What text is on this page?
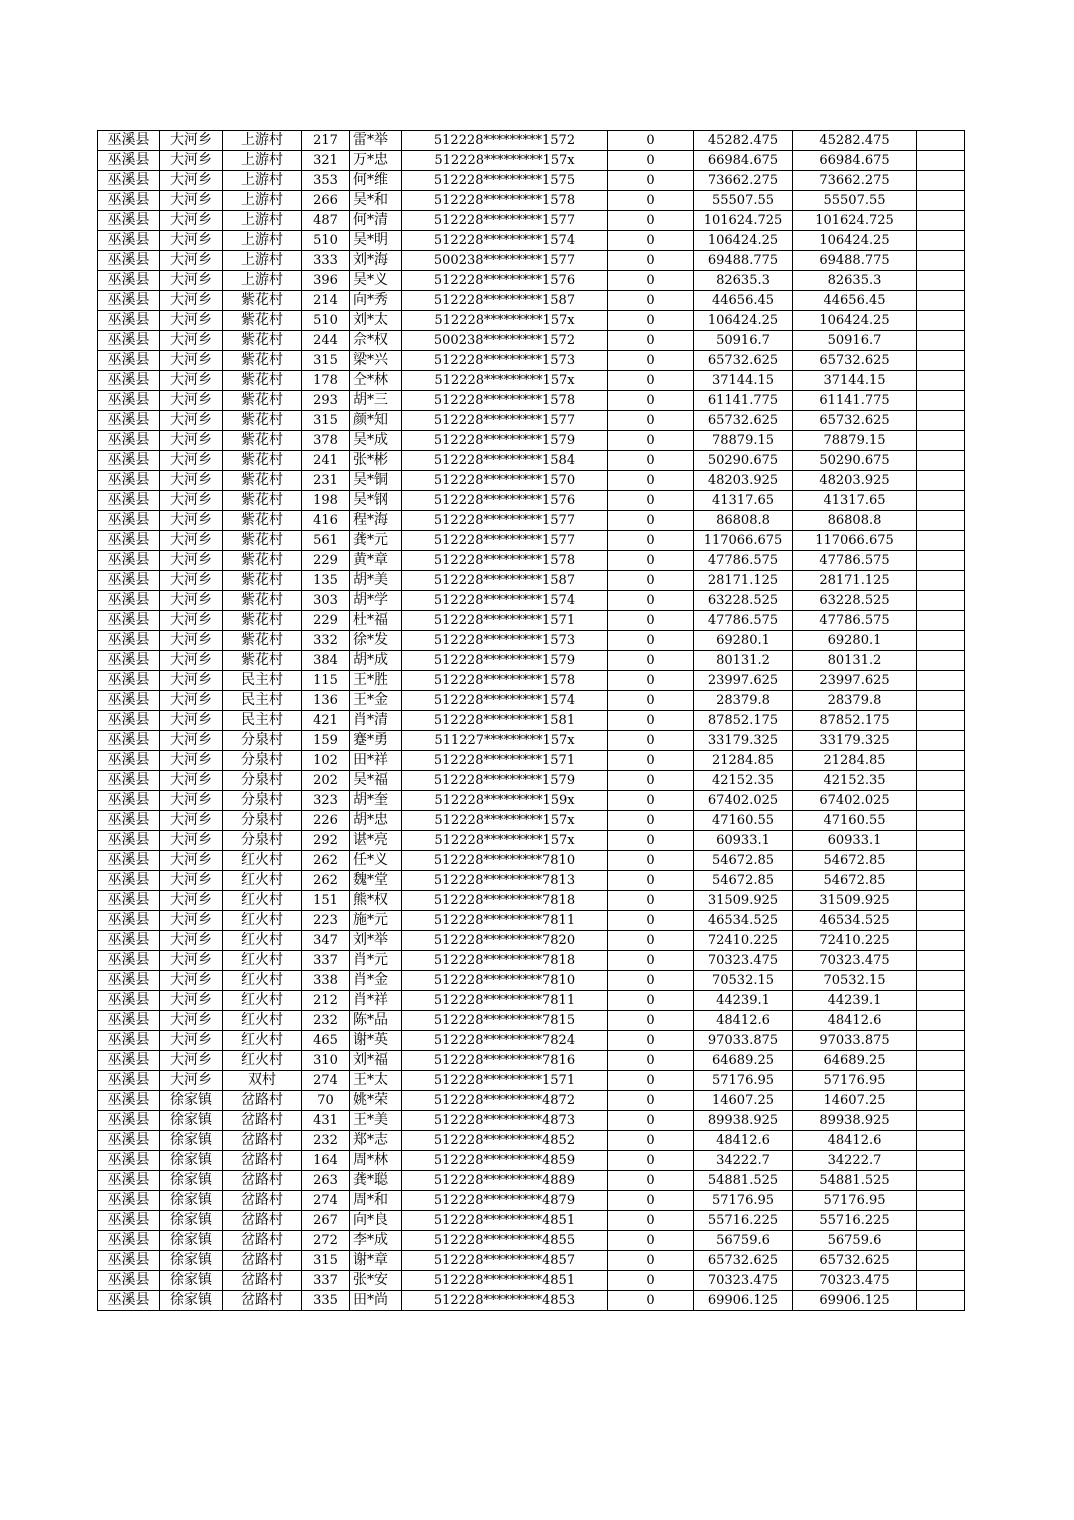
巫溪县	大河乡	上游村	217	雷*举	512228*********1572	0	45282.475	45282.475	
巫溪县	大河乡	上游村	321	万*忠	512228*********157x	0	66984.675	66984.675	
巫溪县	大河乡	上游村	353	何*维	512228*********1575	0	73662.275	73662.275	
巫溪县	大河乡	上游村	266	吴*和	512228*********1578	0	55507.55	55507.55	
巫溪县	大河乡	上游村	487	何*清	512228*********1577	0	101624.725	101624.725	
巫溪县	大河乡	上游村	510	吴*明	512228*********1574	0	106424.25	106424.25	
巫溪县	大河乡	上游村	333	刘*海	500238*********1577	0	69488.775	69488.775	
巫溪县	大河乡	上游村	396	吴*义	512228*********1576	0	82635.3	82635.3	
巫溪县	大河乡	紫花村	214	向*秀	512228*********1587	0	44656.45	44656.45	
巫溪县	大河乡	紫花村	510	刘*太	512228*********157x	0	106424.25	106424.25	
巫溪县	大河乡	紫花村	244	佘*权	500238*********1572	0	50916.7	50916.7	
巫溪县	大河乡	紫花村	315	梁*兴	512228*********1573	0	65732.625	65732.625	
巫溪县	大河乡	紫花村	178	仝*林	512228*********157x	0	37144.15	37144.15	
巫溪县	大河乡	紫花村	293	胡*三	512228*********1578	0	61141.775	61141.775	
巫溪县	大河乡	紫花村	315	颜*知	512228*********1577	0	65732.625	65732.625	
巫溪县	大河乡	紫花村	378	吴*成	512228*********1579	0	78879.15	78879.15	
巫溪县	大河乡	紫花村	241	张*彬	512228*********1584	0	50290.675	50290.675	
巫溪县	大河乡	紫花村	231	吴*铜	512228*********1570	0	48203.925	48203.925	
巫溪县	大河乡	紫花村	198	吴*钢	512228*********1576	0	41317.65	41317.65	
巫溪县	大河乡	紫花村	416	程*海	512228*********1577	0	86808.8	86808.8	
巫溪县	大河乡	紫花村	561	龚*元	512228*********1577	0	117066.675	117066.675	
巫溪县	大河乡	紫花村	229	黄*章	512228*********1578	0	47786.575	47786.575	
巫溪县	大河乡	紫花村	135	胡*美	512228*********1587	0	28171.125	28171.125	
巫溪县	大河乡	紫花村	303	胡*学	512228*********1574	0	63228.525	63228.525	
巫溪县	大河乡	紫花村	229	杜*福	512228*********1571	0	47786.575	47786.575	
巫溪县	大河乡	紫花村	332	徐*发	512228*********1573	0	69280.1	69280.1	
巫溪县	大河乡	紫花村	384	胡*成	512228*********1579	0	80131.2	80131.2	
巫溪县	大河乡	民主村	115	王*胜	512228*********1578	0	23997.625	23997.625	
巫溪县	大河乡	民主村	136	王*金	512228*********1574	0	28379.8	28379.8	
巫溪县	大河乡	民主村	421	肖*清	512228*********1581	0	87852.175	87852.175	
巫溪县	大河乡	分泉村	159	蹇*勇	511227*********157x	0	33179.325	33179.325	
巫溪县	大河乡	分泉村	102	田*祥	512228*********1571	0	21284.85	21284.85	
巫溪县	大河乡	分泉村	202	吴*福	512228*********1579	0	42152.35	42152.35	
巫溪县	大河乡	分泉村	323	胡*奎	512228*********159x	0	67402.025	67402.025	
巫溪县	大河乡	分泉村	226	胡*忠	512228*********157x	0	47160.55	47160.55	
巫溪县	大河乡	分泉村	292	谌*亮	512228*********157x	0	60933.1	60933.1	
巫溪县	大河乡	红火村	262	任*义	512228*********7810	0	54672.85	54672.85	
巫溪县	大河乡	红火村	262	魏*堂	512228*********7813	0	54672.85	54672.85	
巫溪县	大河乡	红火村	151	熊*权	512228*********7818	0	31509.925	31509.925	
巫溪县	大河乡	红火村	223	施*元	512228*********7811	0	46534.525	46534.525	
巫溪县	大河乡	红火村	347	刘*举	512228*********7820	0	72410.225	72410.225	
巫溪县	大河乡	红火村	337	肖*元	512228*********7818	0	70323.475	70323.475	
巫溪县	大河乡	红火村	338	肖*金	512228*********7810	0	70532.15	70532.15	
巫溪县	大河乡	红火村	212	肖*祥	512228*********7811	0	44239.1	44239.1	
巫溪县	大河乡	红火村	232	陈*品	512228*********7815	0	48412.6	48412.6	
巫溪县	大河乡	红火村	465	谢*英	512228*********7824	0	97033.875	97033.875	
巫溪县	大河乡	红火村	310	刘*福	512228*********7816	0	64689.25	64689.25	
巫溪县	大河乡	双村	274	王*太	512228*********1571	0	57176.95	57176.95	
巫溪县	徐家镇	岔路村	70	姚*荣	512228*********4872	0	14607.25	14607.25	
巫溪县	徐家镇	岔路村	431	王*美	512228*********4873	0	89938.925	89938.925	
巫溪县	徐家镇	岔路村	232	郑*志	512228*********4852	0	48412.6	48412.6	
巫溪县	徐家镇	岔路村	164	周*林	512228*********4859	0	34222.7	34222.7	
巫溪县	徐家镇	岔路村	263	龚*聪	512228*********4889	0	54881.525	54881.525	
巫溪县	徐家镇	岔路村	274	周*和	512228*********4879	0	57176.95	57176.95	
巫溪县	徐家镇	岔路村	267	向*良	512228*********4851	0	55716.225	55716.225	
巫溪县	徐家镇	岔路村	272	李*成	512228*********4855	0	56759.6	56759.6	
巫溪县	徐家镇	岔路村	315	谢*章	512228*********4857	0	65732.625	65732.625	
巫溪县	徐家镇	岔路村	337	张*安	512228*********4851	0	70323.475	70323.475	
巫溪县	徐家镇	岔路村	335	田*尚	512228*********4853	0	69906.125	69906.125	
